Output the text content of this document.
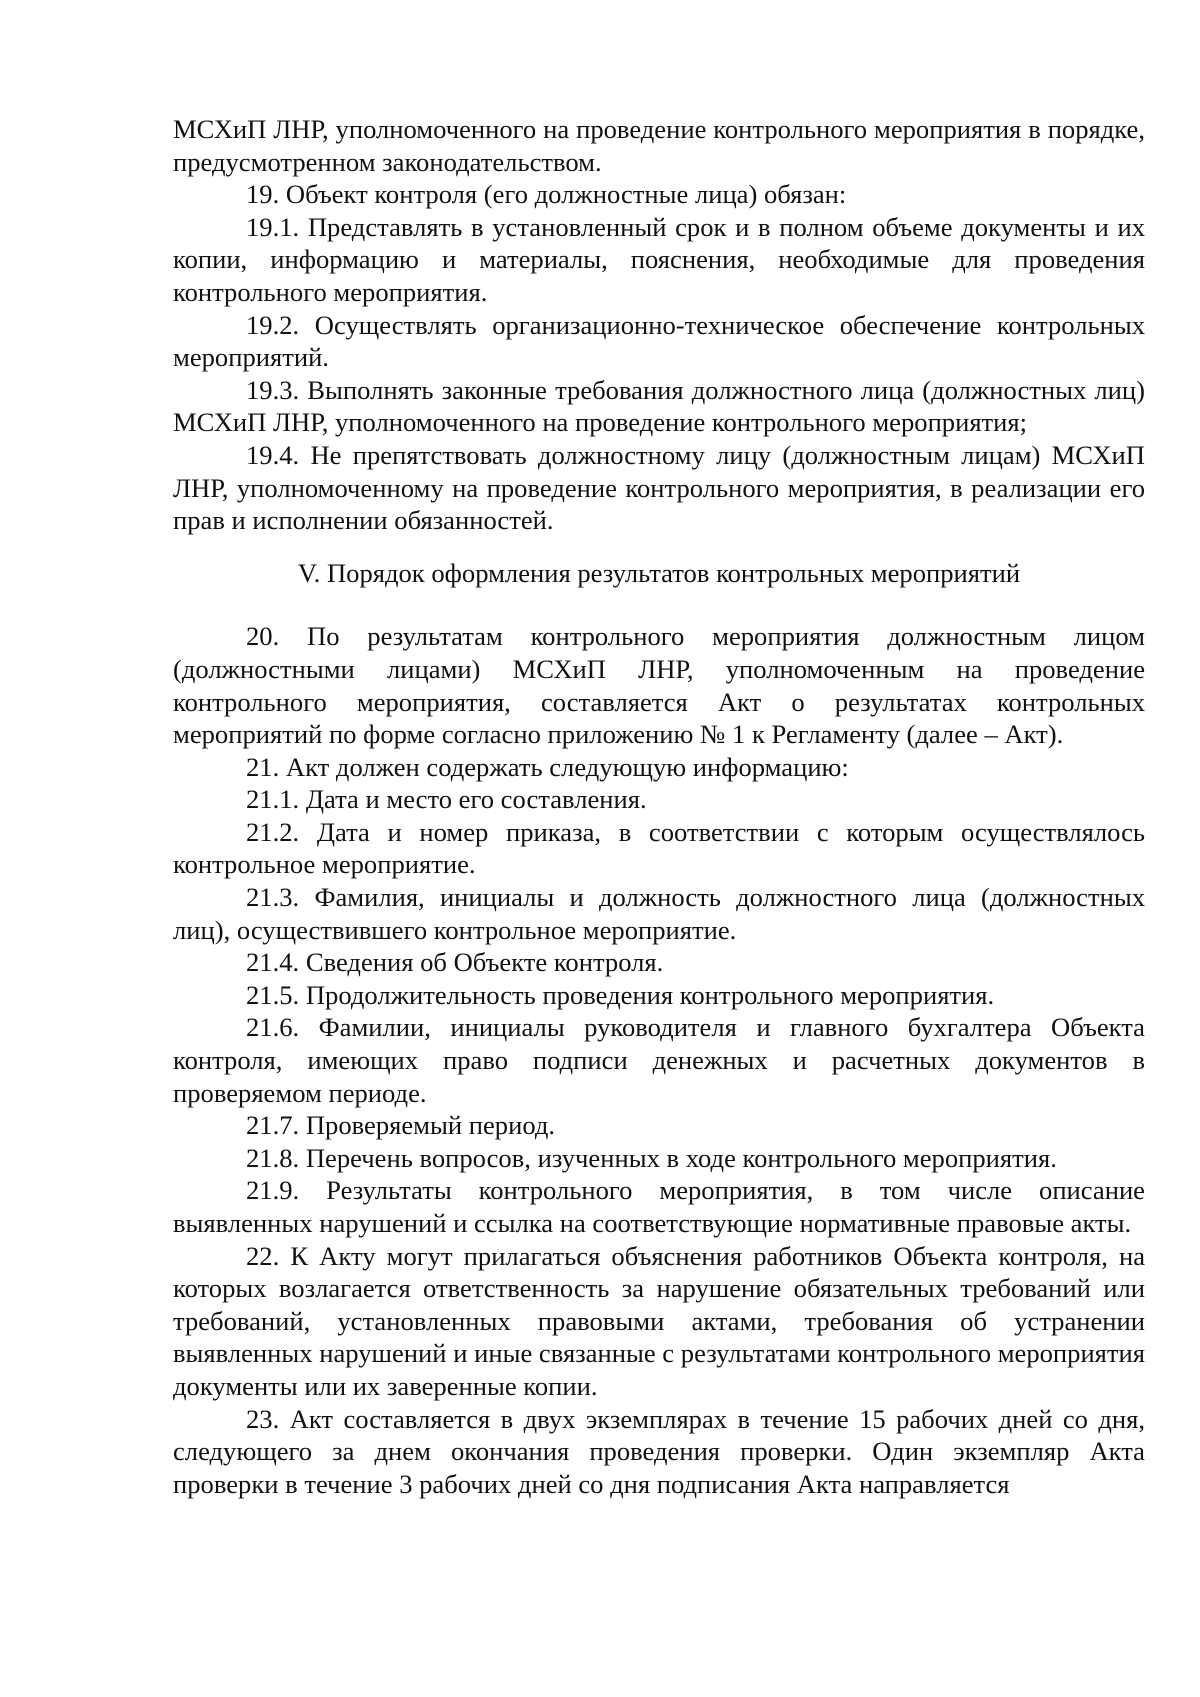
МСХиП ЛНР, уполномоченного на проведение контрольного мероприятия в порядке, предусмотренном законодательством.

19. Объект контроля (его должностные лица) обязан:

19.1. Представлять в установленный срок и в полном объеме документы и их копии, информацию и материалы, пояснения, необходимые для проведения контрольного мероприятия.

19.2. Осуществлять организационно-техническое обеспечение контрольных мероприятий.

19.3. Выполнять законные требования должностного лица (должностных лиц) МСХиП ЛНР, уполномоченного на проведение контрольного мероприятия;

19.4. Не препятствовать должностному лицу (должностным лицам) МСХиП ЛНР, уполномоченному на проведение контрольного мероприятия, в реализации его прав и исполнении обязанностей.

V. Порядок оформления результатов контрольных мероприятий

20. По результатам контрольного мероприятия должностным лицом (должностными лицами) МСХиП ЛНР, уполномоченным на проведение контрольного мероприятия, составляется Акт о результатах контрольных мероприятий по форме согласно приложению № 1 к Регламенту (далее – Акт).

21. Акт должен содержать следующую информацию:

21.1. Дата и место его составления.

21.2. Дата и номер приказа, в соответствии с которым осуществлялось контрольное мероприятие.

21.3. Фамилия, инициалы и должность должностного лица (должностных лиц), осуществившего контрольное мероприятие.

21.4. Сведения об Объекте контроля.

21.5. Продолжительность проведения контрольного мероприятия.

21.6. Фамилии, инициалы руководителя и главного бухгалтера Объекта контроля, имеющих право подписи денежных и расчетных документов в проверяемом периоде.

21.7. Проверяемый период.

21.8. Перечень вопросов, изученных в ходе контрольного мероприятия.

21.9. Результаты контрольного мероприятия, в том числе описание выявленных нарушений и ссылка на соответствующие нормативные правовые акты.

22. К Акту могут прилагаться объяснения работников Объекта контроля, на которых возлагается ответственность за нарушение обязательных требований или требований, установленных правовыми актами, требования об устранении выявленных нарушений и иные связанные с результатами контрольного мероприятия документы или их заверенные копии.

23. Акт составляется в двух экземплярах в течение 15 рабочих дней со дня, следующего за днем окончания проведения проверки. Один экземпляр Акта проверки в течение 3 рабочих дней со дня подписания Акта направляется
